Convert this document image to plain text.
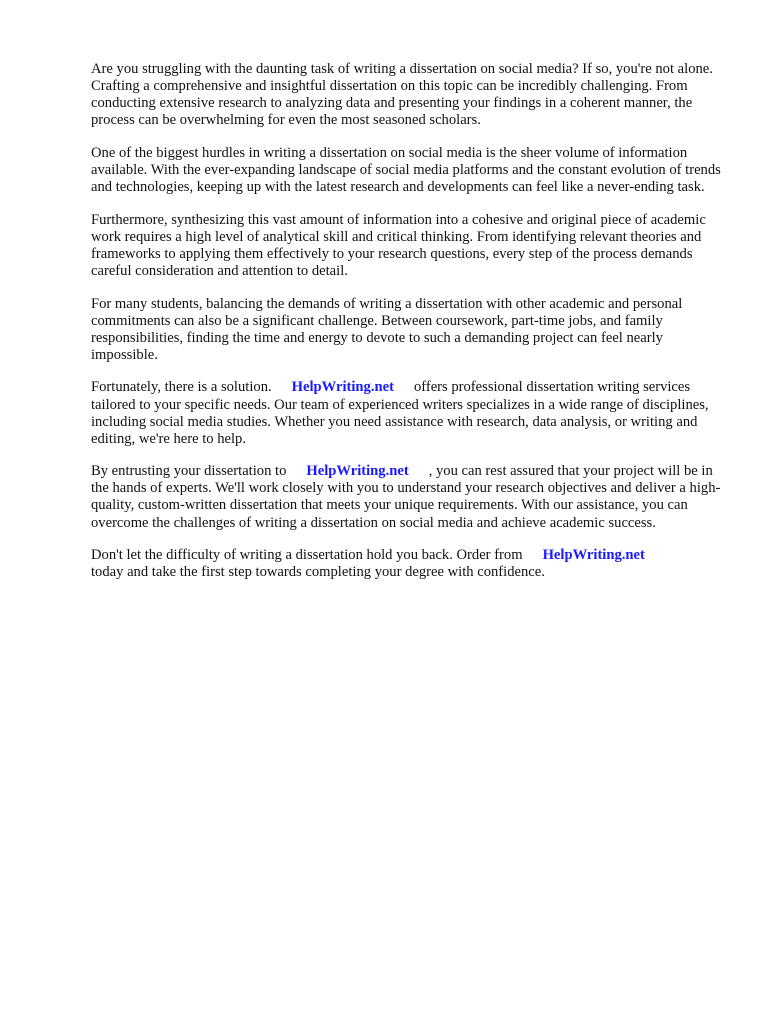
Are you struggling with the daunting task of writing a dissertation on social media? If so, you're not alone. Crafting a comprehensive and insightful dissertation on this topic can be incredibly challenging. From conducting extensive research to analyzing data and presenting your findings in a coherent manner, the process can be overwhelming for even the most seasoned scholars.

One of the biggest hurdles in writing a dissertation on social media is the sheer volume of information available. With the ever-expanding landscape of social media platforms and the constant evolution of trends and technologies, keeping up with the latest research and developments can feel like a never-ending task.

Furthermore, synthesizing this vast amount of information into a cohesive and original piece of academic work requires a high level of analytical skill and critical thinking. From identifying relevant theories and frameworks to applying them effectively to your research questions, every step of the process demands careful consideration and attention to detail.

For many students, balancing the demands of writing a dissertation with other academic and personal commitments can also be a significant challenge. Between coursework, part-time jobs, and family responsibilities, finding the time and energy to devote to such a demanding project can feel nearly impossible.

Fortunately, there is a solution. HelpWriting.net offers professional dissertation writing services tailored to your specific needs. Our team of experienced writers specializes in a wide range of disciplines, including social media studies. Whether you need assistance with research, data analysis, or writing and editing, we're here to help.

By entrusting your dissertation to HelpWriting.net , you can rest assured that your project will be in the hands of experts. We'll work closely with you to understand your research objectives and deliver a high-quality, custom-written dissertation that meets your unique requirements. With our assistance, you can overcome the challenges of writing a dissertation on social media and achieve academic success.

Don't let the difficulty of writing a dissertation hold you back. Order from HelpWriting.net
today and take the first step towards completing your degree with confidence.
